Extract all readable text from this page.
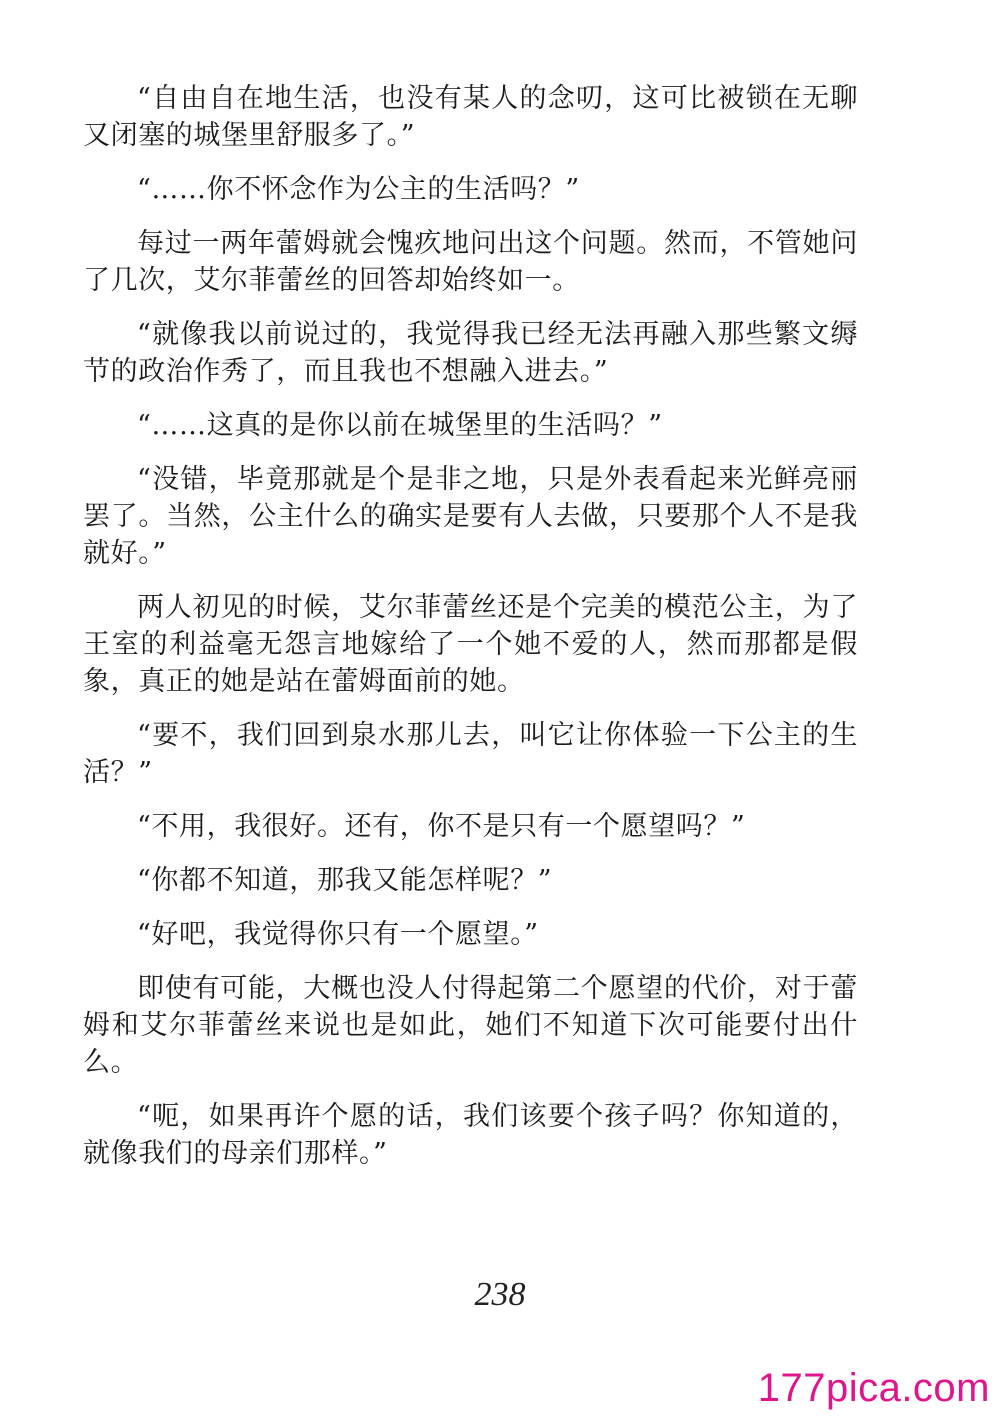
“自由自在地生活，也没有某人的念叨，这可比被锁在无聊又闭塞的城堡里舒服多了。”

“……你不怀念作为公主的生活吗？”

每过一两年蕾姆就会愧疚地问出这个问题。然而，不管她问了几次，艾尔菲蕾丝的回答却始终如一。

“就像我以前说过的，我觉得我已经无法再融入那些繁文缛节的政治作秀了，而且我也不想融入进去。”

“……这真的是你以前在城堡里的生活吗？”

“没错，毕竟那就是个是非之地，只是外表看起来光鲜亮丽罢了。当然，公主什么的确实是要有人去做，只要那个人不是我就好。”

两人初见的时候，艾尔菲蕾丝还是个完美的模范公主，为了王室的利益毫无怨言地嫁给了一个她不爱的人，然而那都是假象，真正的她是站在蕾姆面前的她。

“要不，我们回到泉水那儿去，叫它让你体验一下公主的生活？”

“不用，我很好。还有，你不是只有一个愿望吗？”

“你都不知道，那我又能怎样呢？”

“好吧，我觉得你只有一个愿望。”

即使有可能，大概也没人付得起第二个愿望的代价，对于蕾姆和艾尔菲蕾丝来说也是如此，她们不知道下次可能要付出什么。

“呃，如果再许个愿的话，我们该要个孩子吗？你知道的，就像我们的母亲们那样。”

238
177pica.com
